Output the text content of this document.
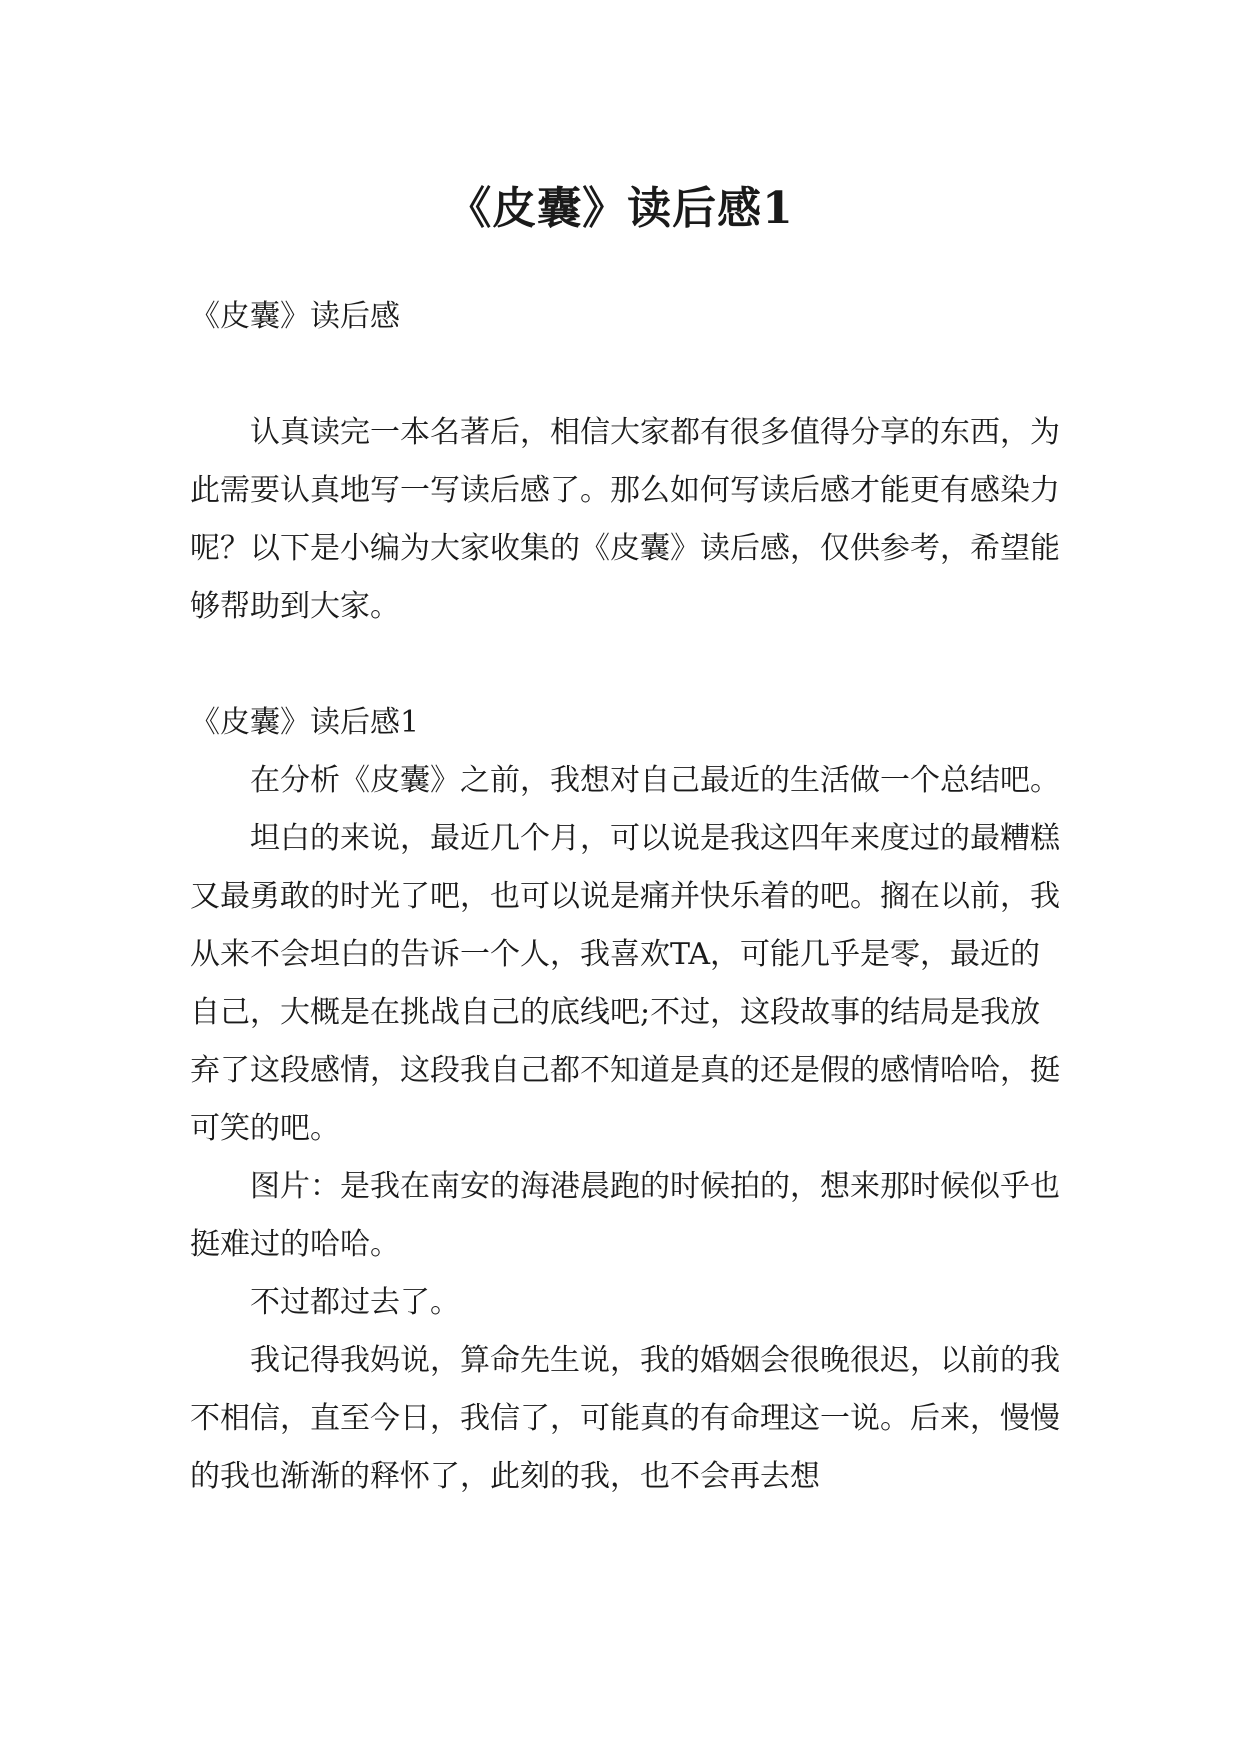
《皮囊》读后感1

《皮囊》读后感

认真读完一本名著后，相信大家都有很多值得分享的东西，为此需要认真地写一写读后感了。那么如何写读后感才能更有感染力呢？以下是小编为大家收集的《皮囊》读后感，仅供参考，希望能够帮助到大家。

《皮囊》读后感1

在分析《皮囊》之前，我想对自己最近的生活做一个总结吧。

坦白的来说，最近几个月，可以说是我这四年来度过的最糟糕又最勇敢的时光了吧，也可以说是痛并快乐着的吧。搁在以前，我从来不会坦白的告诉一个人，我喜欢TA，可能几乎是零，最近的自己，大概是在挑战自己的底线吧;不过，这段故事的结局是我放弃了这段感情，这段我自己都不知道是真的还是假的感情哈哈，挺可笑的吧。

图片：是我在南安的海港晨跑的时候拍的，想来那时候似乎也挺难过的哈哈。

不过都过去了。

我记得我妈说，算命先生说，我的婚姻会很晚很迟，以前的我不相信，直至今日，我信了，可能真的有命理这一说。后来，慢慢的我也渐渐的释怀了，此刻的我，也不会再去想
